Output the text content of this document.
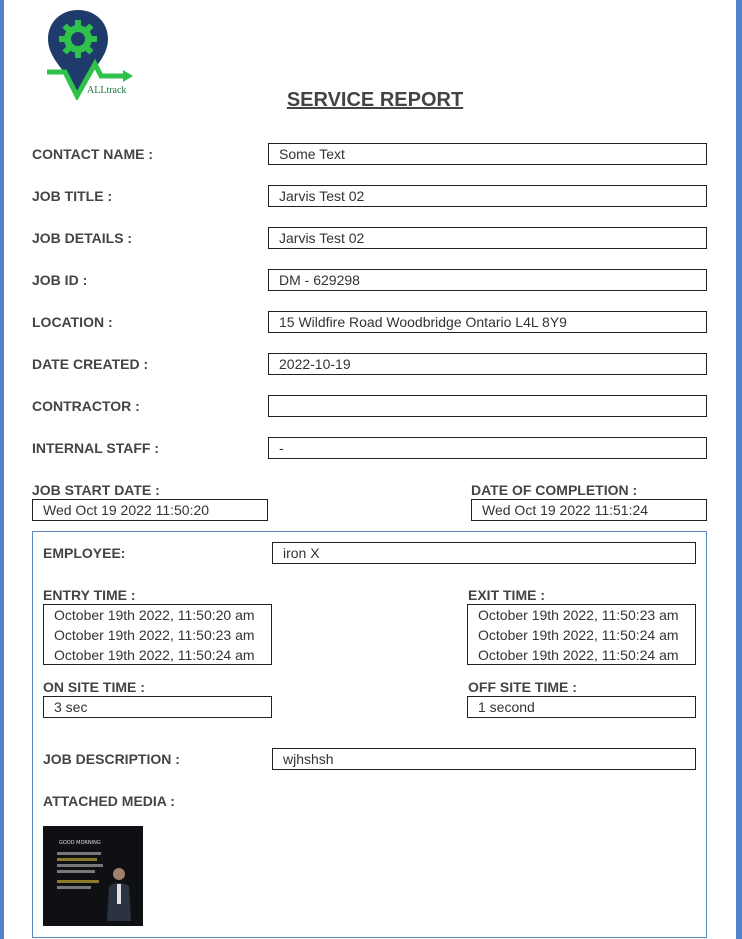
ALLtrack	SERVICE REPORT
CONTACT NAME :	Some Text
JOB TITLE :	Jarvis Test 02
JOB DETAILS :	Jarvis Test 02
JOB ID :	DM - 629298
LOCATION :	15 Wildfire Road Woodbridge Ontario L4L 8Y9
DATE CREATED :	2022-10-19
CONTRACTOR :
INTERNAL STAFF :	-
JOB START DATE :
Wed Oct 19 2022 11:50:20
DATE OF COMPLETION :
Wed Oct 19 2022 11:51:24
EMPLOYEE:	iron X
ENTRY TIME :
October 19th 2022, 11:50:20 am
October 19th 2022, 11:50:23 am
October 19th 2022, 11:50:24 am
EXIT TIME :
October 19th 2022, 11:50:23 am
October 19th 2022, 11:50:24 am
October 19th 2022, 11:50:24 am
ON SITE TIME :
3 sec
OFF SITE TIME :
1 second
JOB DESCRIPTION :	wjhshsh
ATTACHED MEDIA :
GOOD MORNING
